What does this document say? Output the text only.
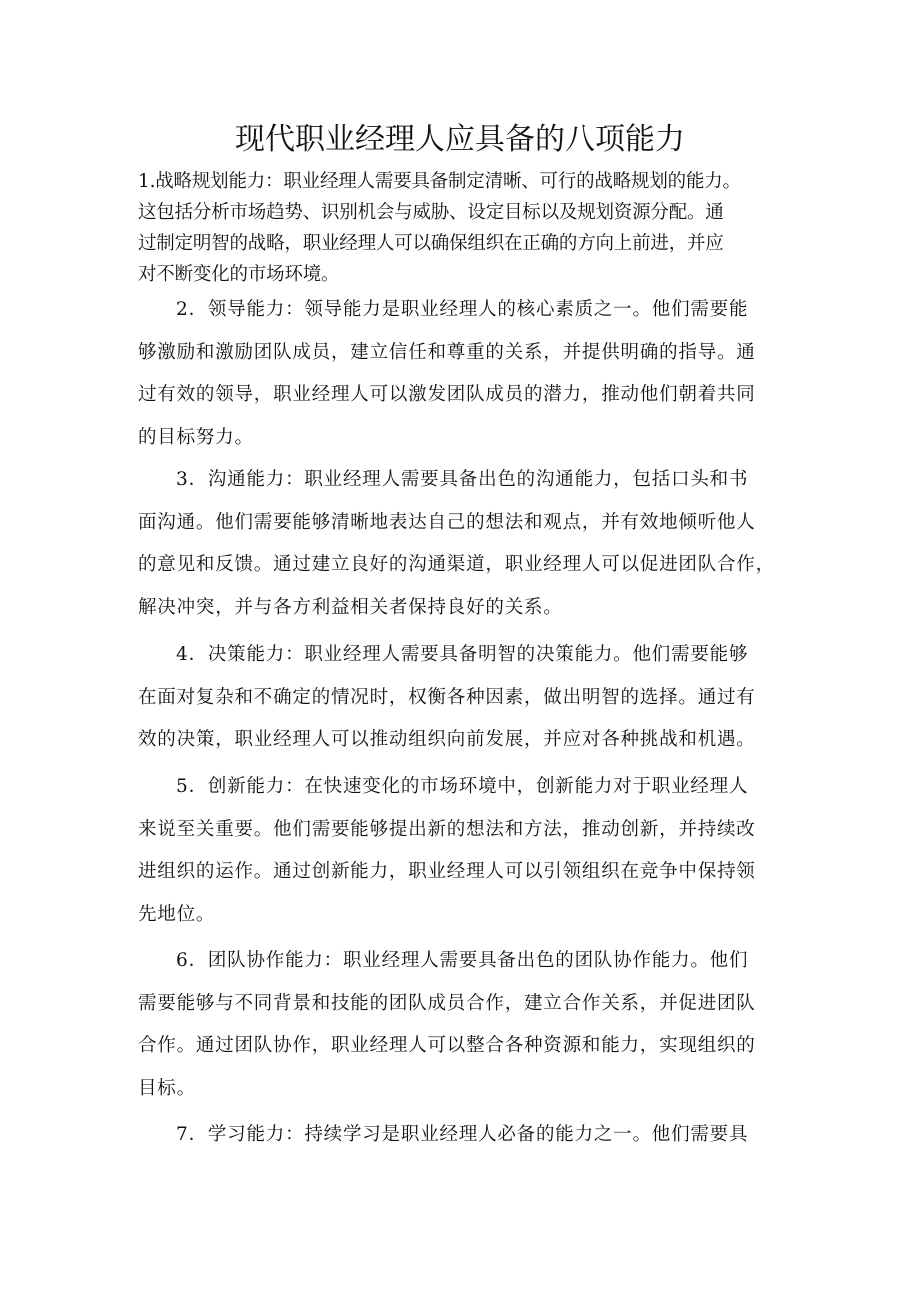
现代职业经理人应具备的八项能力
1.战略规划能力：职业经理人需要具备制定清晰、可行的战略规划的能力。
这包括分析市场趋势、识别机会与威胁、设定目标以及规划资源分配。通
过制定明智的战略，职业经理人可以确保组织在正确的方向上前进，并应
对不断变化的市场环境。
2．领导能力：领导能力是职业经理人的核心素质之一。他们需要能
够激励和激励团队成员，建立信任和尊重的关系，并提供明确的指导。通
过有效的领导，职业经理人可以激发团队成员的潜力，推动他们朝着共同
的目标努力。
3．沟通能力：职业经理人需要具备出色的沟通能力，包括口头和书
面沟通。他们需要能够清晰地表达自己的想法和观点，并有效地倾听他人
的意见和反馈。通过建立良好的沟通渠道，职业经理人可以促进团队合作，
解决冲突，并与各方利益相关者保持良好的关系。
4．决策能力：职业经理人需要具备明智的决策能力。他们需要能够
在面对复杂和不确定的情况时，权衡各种因素，做出明智的选择。通过有
效的决策，职业经理人可以推动组织向前发展，并应对各种挑战和机遇。
5．创新能力：在快速变化的市场环境中，创新能力对于职业经理人
来说至关重要。他们需要能够提出新的想法和方法，推动创新，并持续改
进组织的运作。通过创新能力，职业经理人可以引领组织在竞争中保持领
先地位。
6．团队协作能力：职业经理人需要具备出色的团队协作能力。他们
需要能够与不同背景和技能的团队成员合作，建立合作关系，并促进团队
合作。通过团队协作，职业经理人可以整合各种资源和能力，实现组织的
目标。
7．学习能力：持续学习是职业经理人必备的能力之一。他们需要具
